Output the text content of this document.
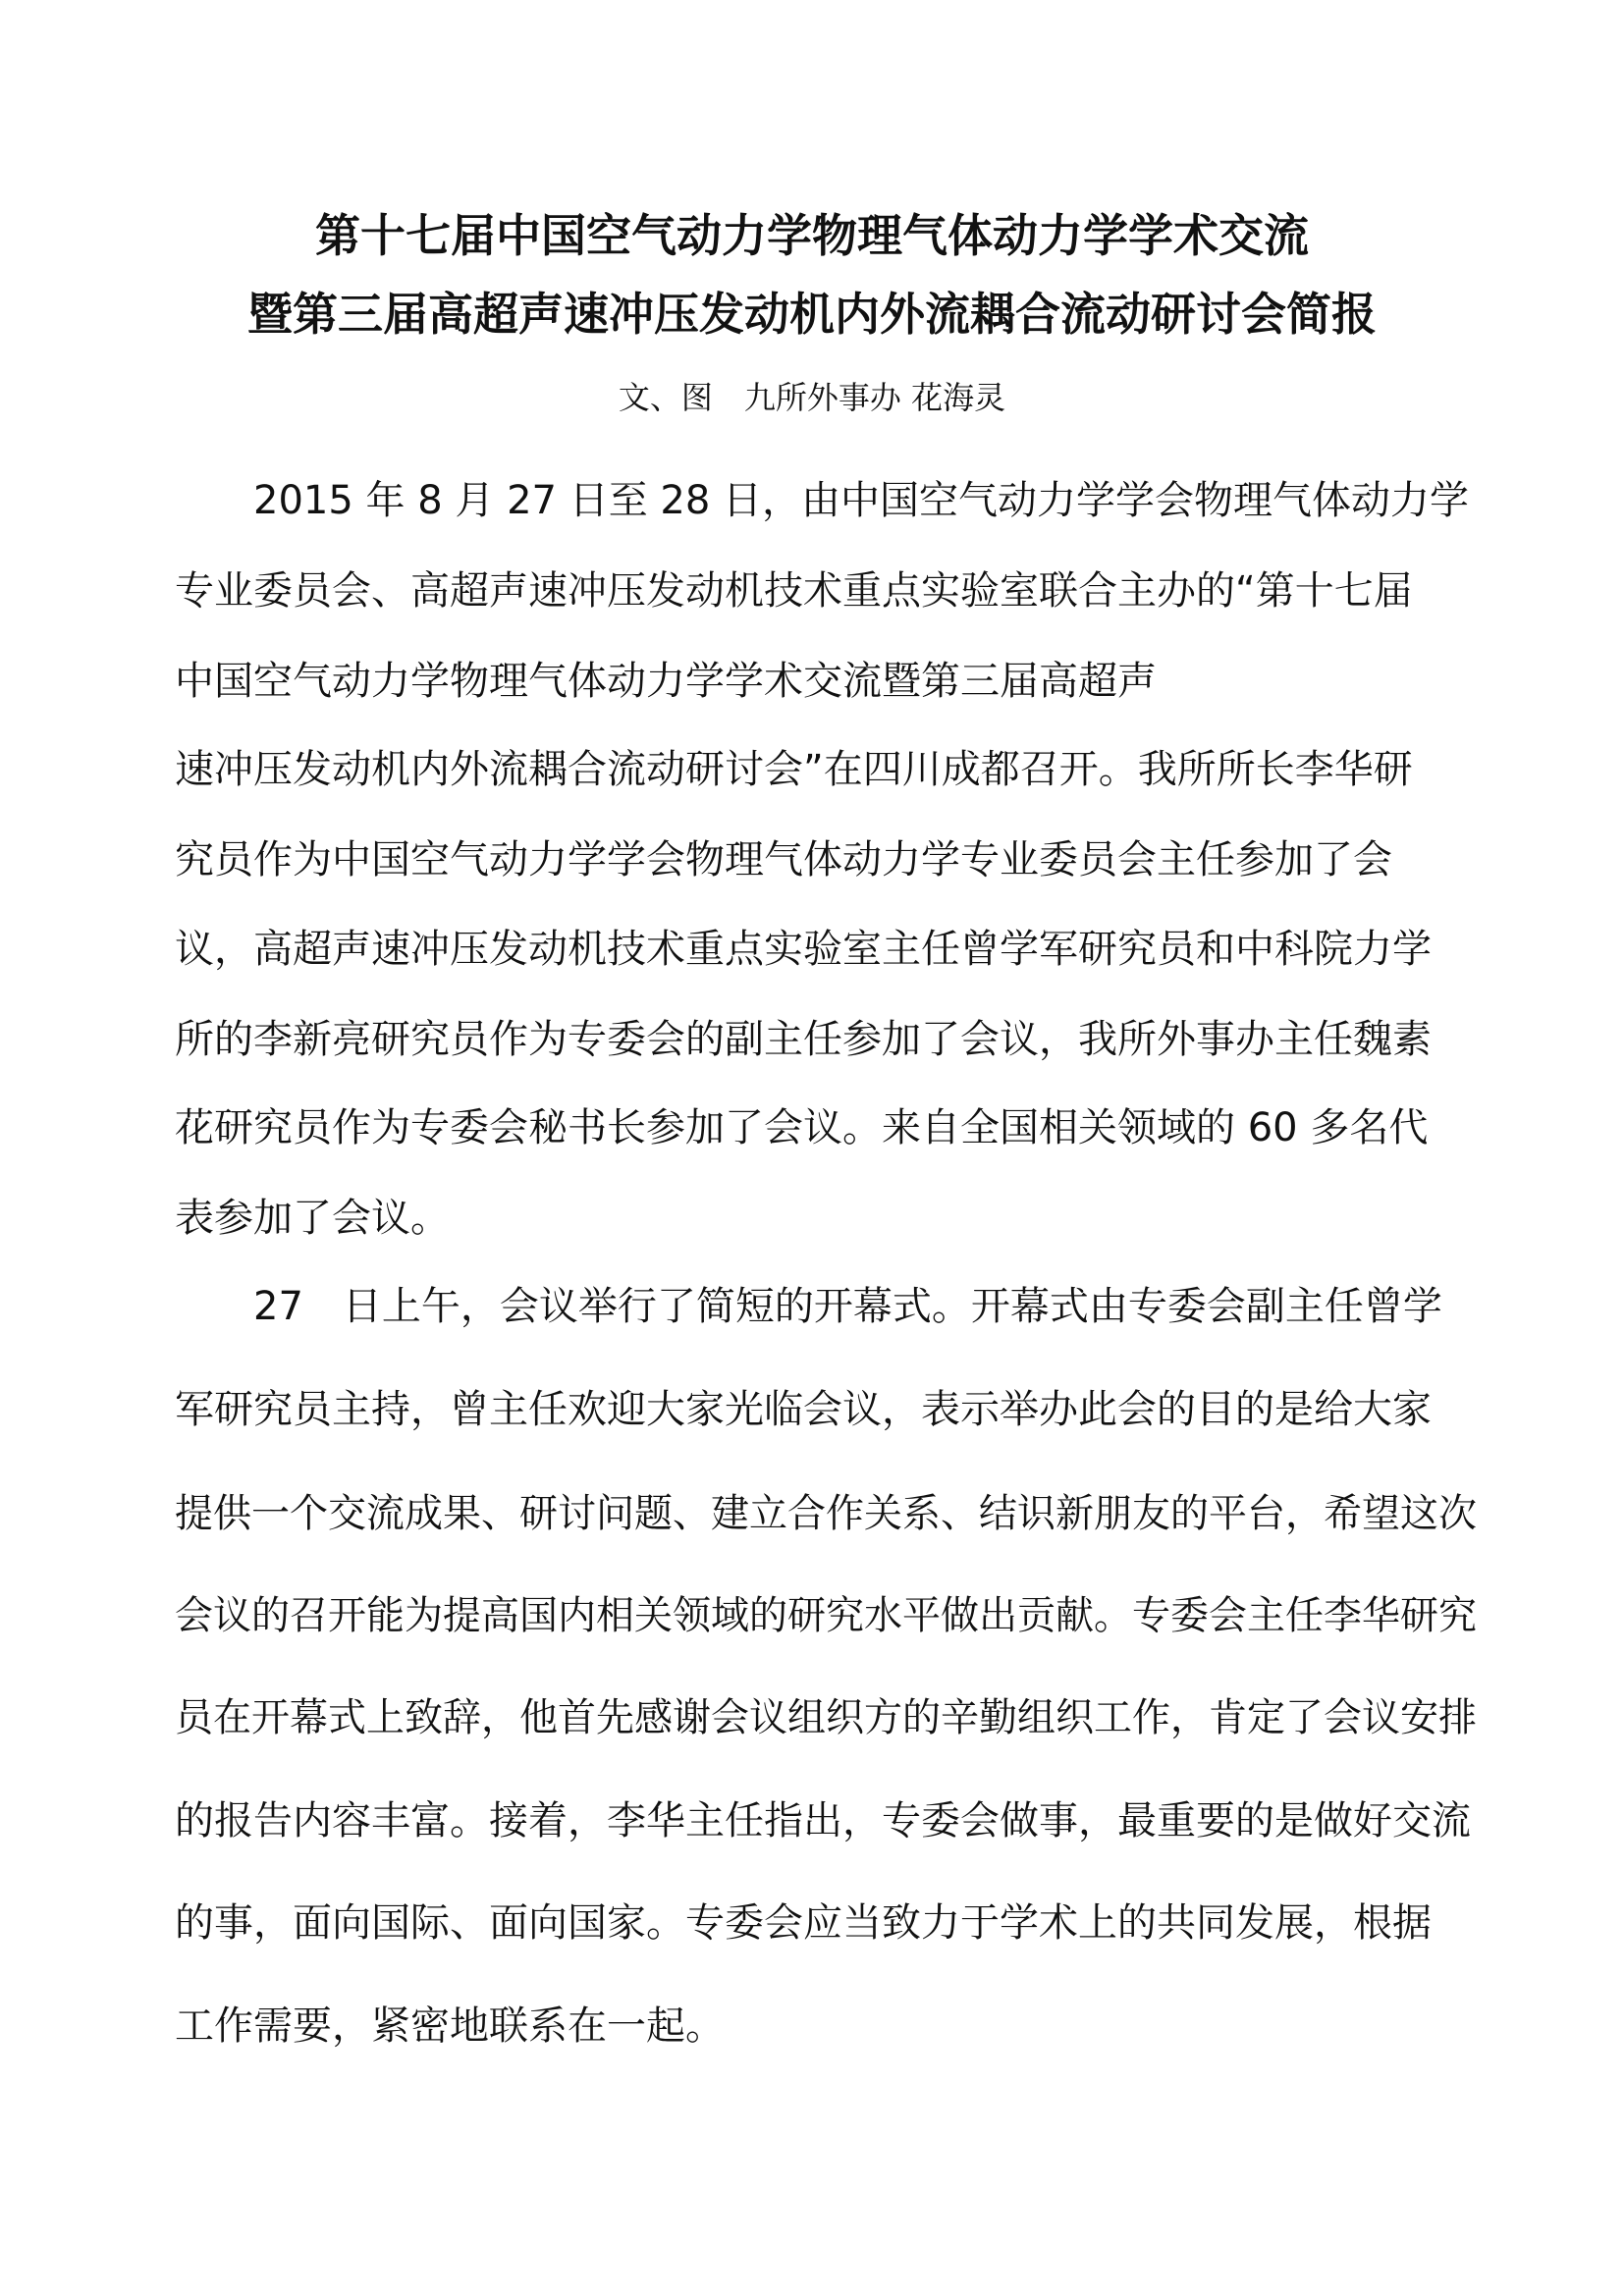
第十七届中国空气动力学物理气体动力学学术交流
暨第三届高超声速冲压发动机内外流耦合流动研讨会简报
文、图　九所外事办 花海灵
2015 年 8 月 27 日至 28 日，由中国空气动力学学会物理气体动力学
专业委员会、高超声速冲压发动机技术重点实验室联合主办的“第十七届
中国空气动力学物理气体动力学学术交流暨第三届高超声
速冲压发动机内外流耦合流动研讨会”在四川成都召开。我所所长李华研
究员作为中国空气动力学学会物理气体动力学专业委员会主任参加了会
议，高超声速冲压发动机技术重点实验室主任曾学军研究员和中科院力学
所的李新亮研究员作为专委会的副主任参加了会议，我所外事办主任魏素
花研究员作为专委会秘书长参加了会议。来自全国相关领域的 60 多名代
表参加了会议。
27　日上午，会议举行了简短的开幕式。开幕式由专委会副主任曾学
军研究员主持，曾主任欢迎大家光临会议，表示举办此会的目的是给大家
提供一个交流成果、研讨问题、建立合作关系、结识新朋友的平台，希望这次
会议的召开能为提高国内相关领域的研究水平做出贡献。专委会主任李华研究
员在开幕式上致辞，他首先感谢会议组织方的辛勤组织工作，肯定了会议安排
的报告内容丰富。接着，李华主任指出，专委会做事，最重要的是做好交流
的事，面向国际、面向国家。专委会应当致力于学术上的共同发展，根据
工作需要，紧密地联系在一起。
